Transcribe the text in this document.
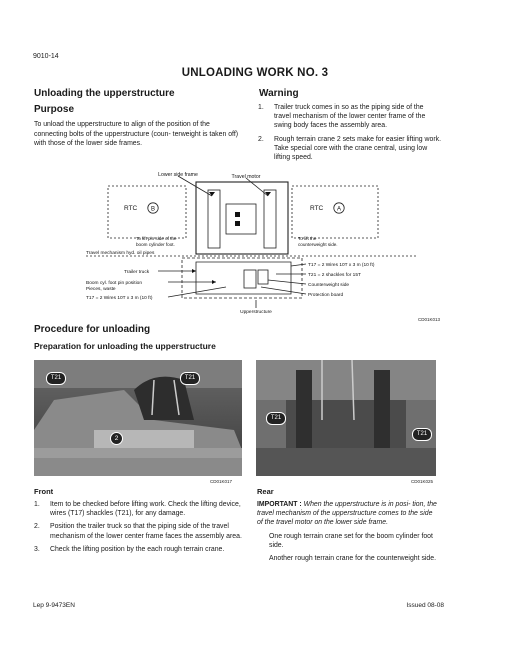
9010-14
UNLOADING WORK NO. 3
Unloading the upperstructure
Purpose
To unload the upperstructure to align of the position of the connecting bolts of the upperstructure (coun- terweight is taken off) with those of the lower side frames.
Warning
1. Trailer truck comes in so as the piping side of the travel mechanism of the lower center frame of the swing body faces the assembly area.
2. Rough terrain crane 2 sets make for easier lifting work. Take special core with the crane central, using low lifting speed.
Lower side frame	Travel motor
RTC B	RTC A
To lift pin side of the
boom cylinder foot.
To lift the
counterweight side.
Travel mechanism hyd. oil pipes
Trailer truck
Boom cyl. foot pin position
Pieces, waste
T17 = 2 Wires 10T x 3 m (10 ft)
T17 = 2 Wires 10T x 3 m (10 ft)
T21 = 2 shackles for 15T
Counterweight side
Protection board
Upperstructure
CD01K013
Procedure for unloading
Preparation for unloading the upperstructure
T21	T21
2
CD01K017
T21
T21
CD01K025
Front	Rear
1. Item to be checked before lifting work. Check the lifting device, wires (T17) shackles (T21), for any damage.
2. Position the trailer truck so that the piping side of the travel mechanism of the lower center frame faces the assembly area.
3. Check the lifting position by the each rough terrain crane.

IMPORTANT : When the upperstructure is in posi- tion, the travel mechanism of the upperstructure comes to the side of the travel motor on the lower side frame.

One rough terrain crane set for the boom cylinder foot side.

Another rough terrain crane for the counterweight side.

Lep 9-9473EN	Issued 08-08
